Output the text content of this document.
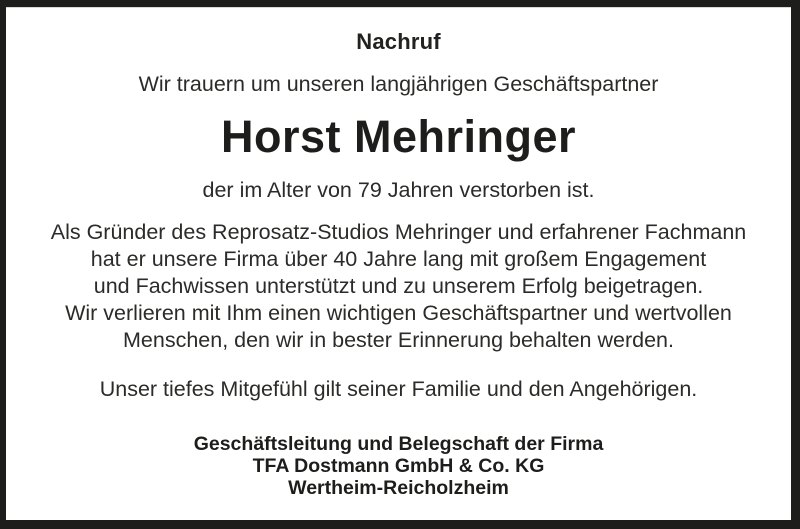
Nachruf
Wir trauern um unseren langjährigen Geschäftspartner
Horst Mehringer
der im Alter von 79 Jahren verstorben ist.
Als Gründer des Reprosatz-Studios Mehringer und erfahrener Fachmann
hat er unsere Firma über 40 Jahre lang mit großem Engagement
und Fachwissen unterstützt und zu unserem Erfolg beigetragen.
Wir verlieren mit Ihm einen wichtigen Geschäftspartner und wertvollen
Menschen, den wir in bester Erinnerung behalten werden.
Unser tiefes Mitgefühl gilt seiner Familie und den Angehörigen.
Geschäftsleitung und Belegschaft der Firma
TFA Dostmann GmbH & Co. KG
Wertheim-Reicholzheim
